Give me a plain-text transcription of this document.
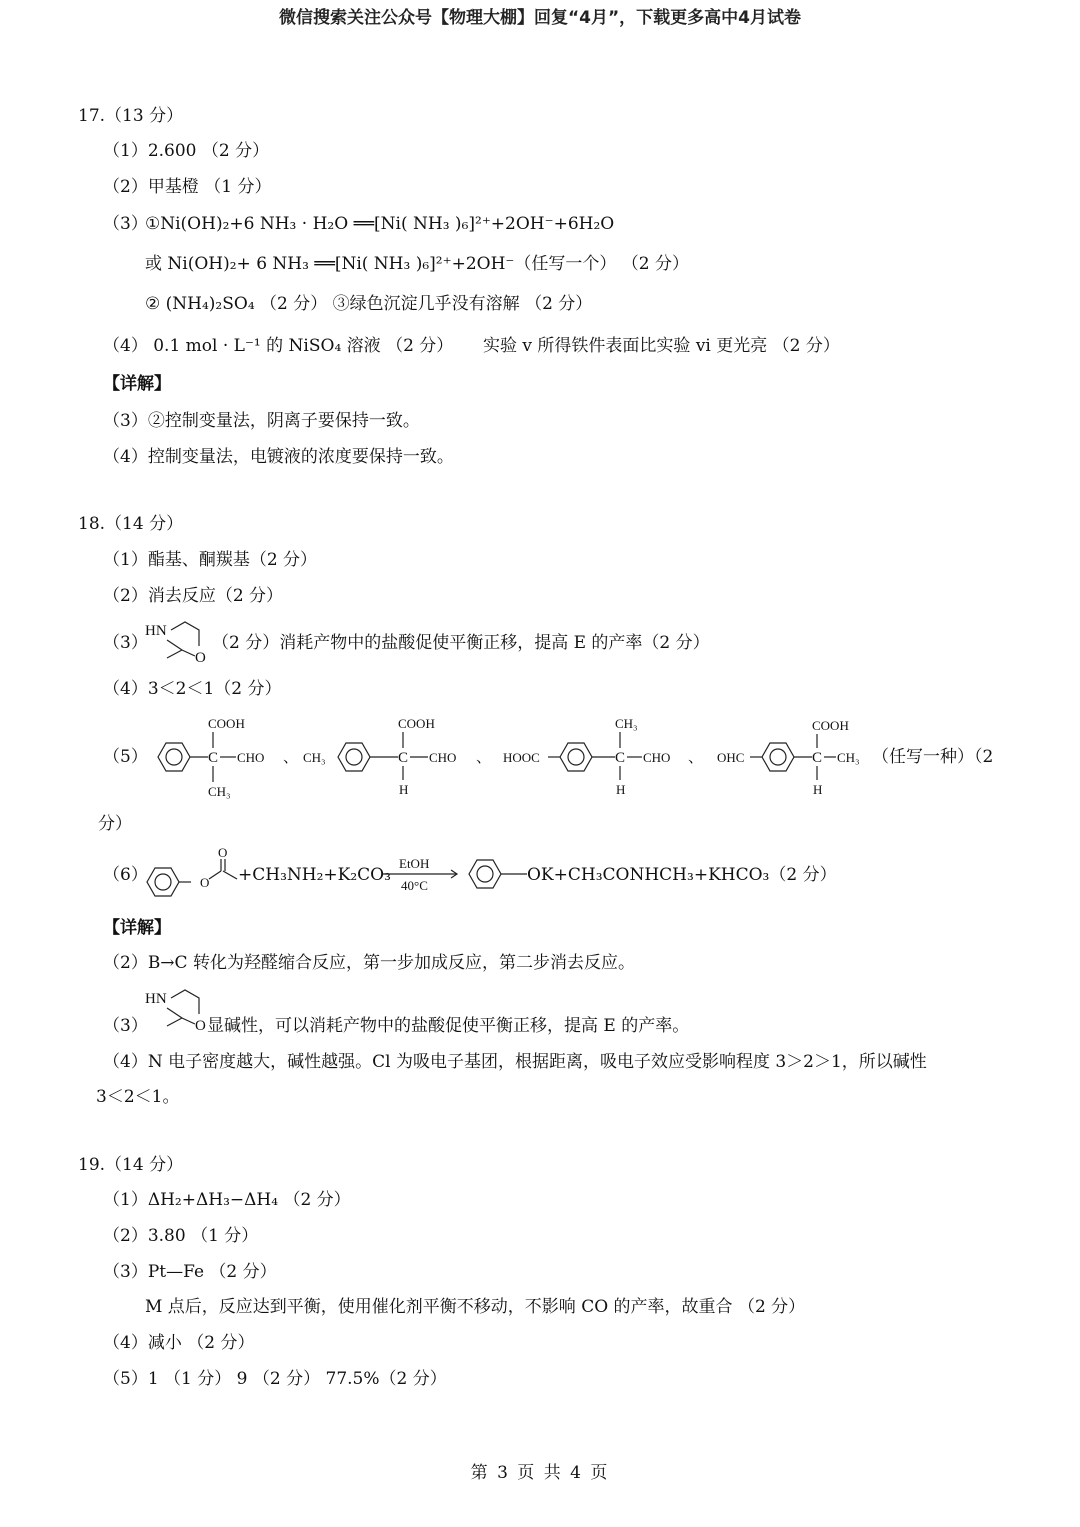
微信搜索关注公众号【物理大棚】回复“4月”，下载更多高中4月试卷
17.（13 分）
（1）2.600 （2 分）
（2）甲基橙 （1 分）
（3）
①Ni(OH)₂+6 NH₃ · H₂O ══[Ni( NH₃ )₆]²⁺+2OH⁻+6H₂O
或 Ni(OH)₂+ 6 NH₃ ══[Ni( NH₃ )₆]²⁺+2OH⁻（任写一个） （2 分）
② (NH₄)₂SO₄ （2 分） ③绿色沉淀几乎没有溶解 （2 分）
（4） 0.1 mol · L⁻¹ 的 NiSO₄ 溶液 （2 分） 实验 v 所得铁件表面比实验 vi 更光亮 （2 分）
【详解】
（3）②控制变量法，阴离子要保持一致。
（4）控制变量法，电镀液的浓度要保持一致。
18.（14 分）
（1）酯基、酮羰基（2 分）
（2）消去反应（2 分）
（3）
HN
O
（2 分）消耗产物中的盐酸促使平衡正移，提高 E 的产率（2 分）
（4）3＜2＜1（2 分）
（5）	C
COOH
CHO
CH₃
、 CH₃	C
COOH
CHO
H
、 HOOC	C
CH₃
CHO
H
、 OHC	C
COOH
CH₃
H
（任写一种）（2
分）
（6）	O
O
+CH₃NH₂+K₂CO₃
EtOH
40°C
OK+CH₃CONHCH₃+KHCO₃（2 分）
【详解】
（2）B→C 转化为羟醛缩合反应，第一步加成反应，第二步消去反应。
（3）
HN
O 显碱性，可以消耗产物中的盐酸促使平衡正移，提高 E 的产率。
（4）N 电子密度越大，碱性越强。Cl 为吸电子基团，根据距离，吸电子效应受影响程度 3＞2＞1，所以碱性
3＜2＜1。
19.（14 分）
（1）ΔH₂+ΔH₃−ΔH₄ （2 分）
（2）3.80 （1 分）
（3）Pt—Fe （2 分）
M 点后，反应达到平衡，使用催化剂平衡不移动，不影响 CO 的产率，故重合 （2 分）
（4）减小 （2 分）
（5）1 （1 分） 9 （2 分） 77.5%（2 分）
第 3 页 共 4 页
